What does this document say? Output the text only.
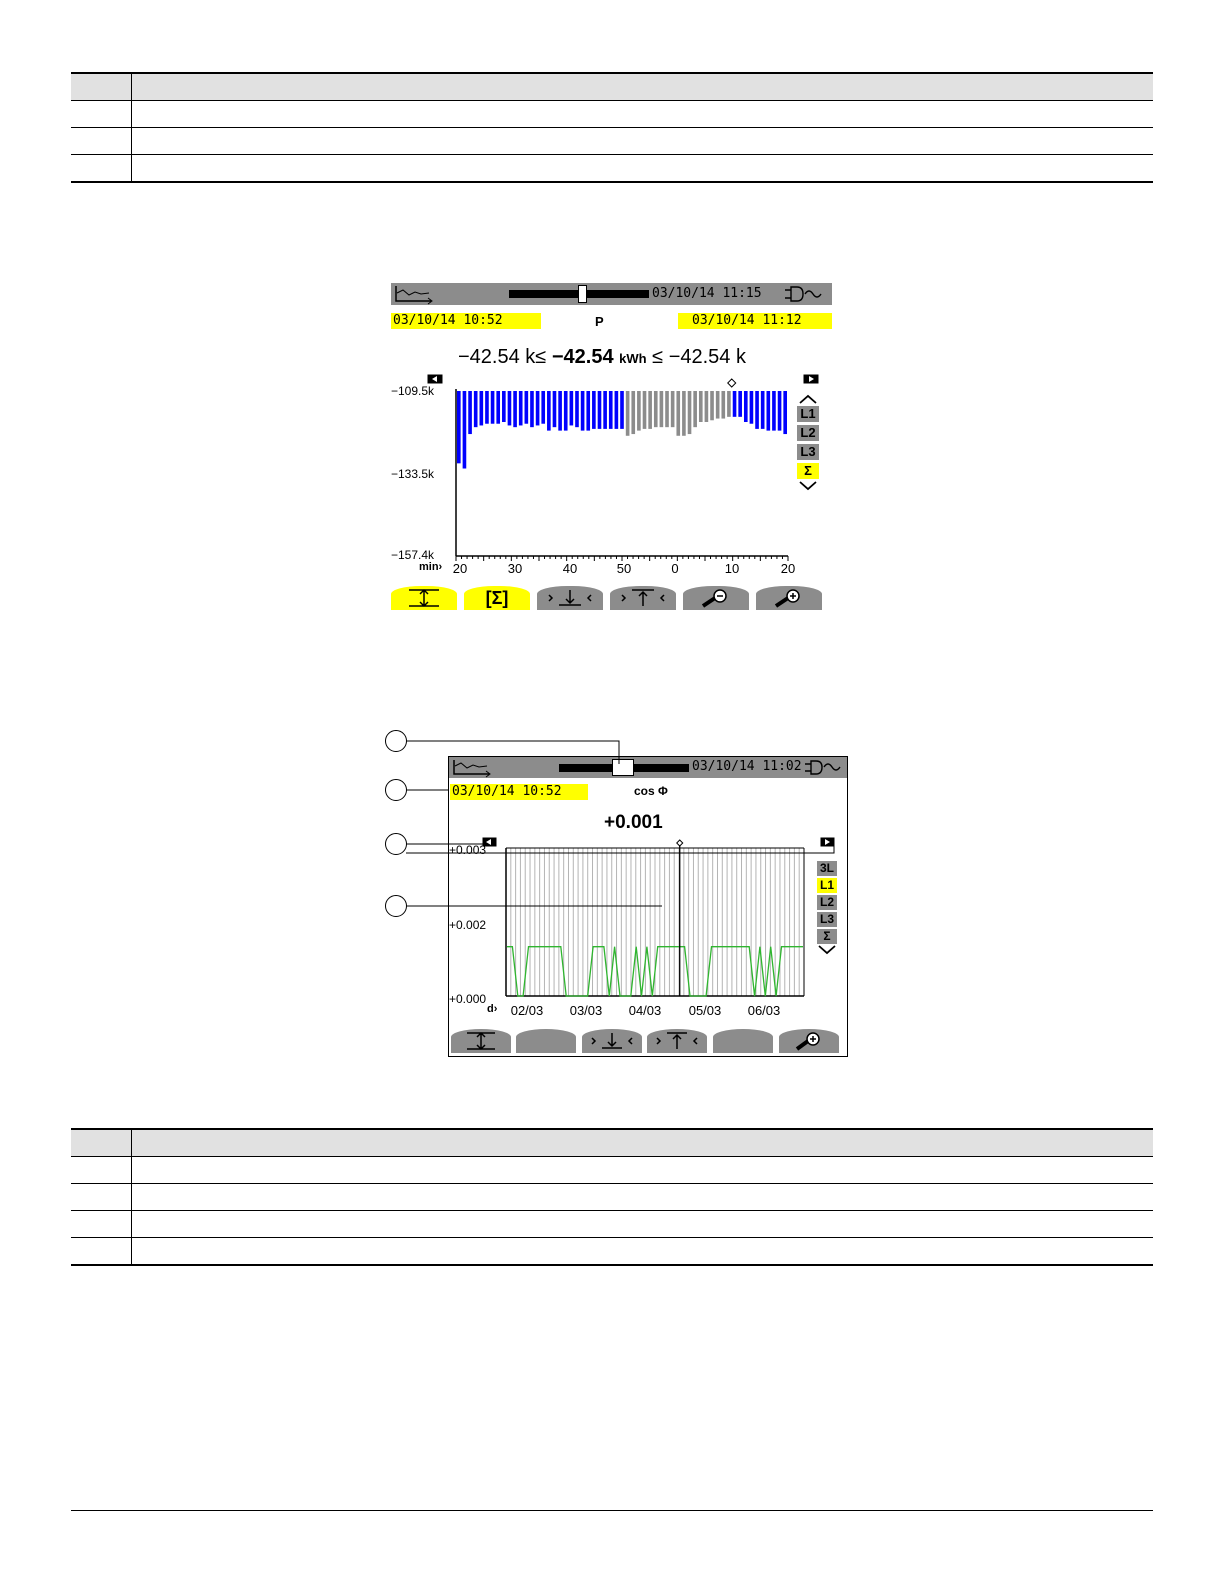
03/10/14 11:15
03/10/14 10:52	P	03/10/14 11:12
−42.54 k≤ −42.54 kWh ≤ −42.54 k
−109.5k
−133.5k
−157.4k
min› 20	30	40	50	0	10	20
L1
L2
L3
Σ
[Σ]
03/10/14 11:02
03/10/14 10:52	cos Φ
+0.001
+0.003
+0.002
+0.000
d› 02/03 03/03 04/03 05/03 06/03
3L
L1
L2
L3
Σ
